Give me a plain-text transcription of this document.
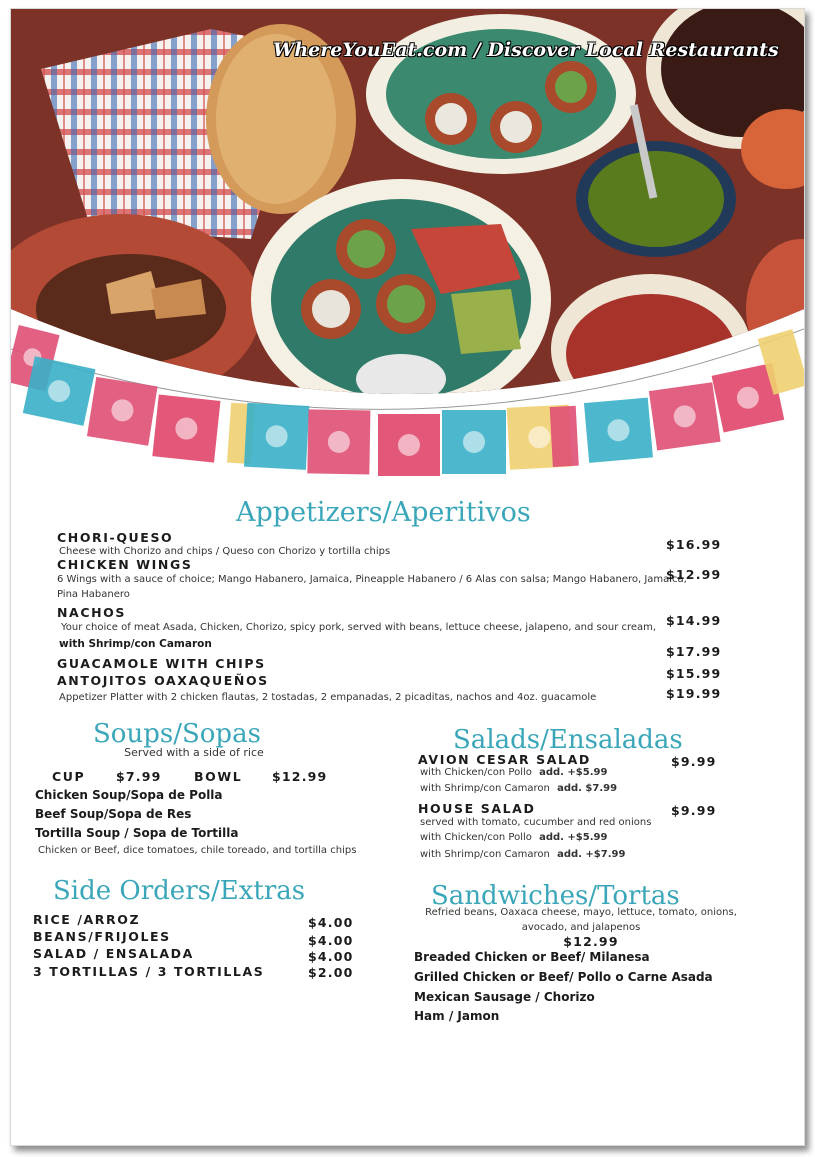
WhereYouEat.com / Discover Local Restaurants
Appetizers/Aperitivos
CHORI-QUESO
Cheese with Chorizo and chips / Queso con Chorizo y tortilla chips	$16.99
CHICKEN WINGS
6 Wings with a sauce of choice; Mango Habanero, Jamaica, Pineapple Habanero / 6 Alas con salsa; Mango Habanero, Jamaica,
Pina Habanero
$12.99
NACHOS
Your choice of meat Asada, Chicken, Chorizo, spicy pork, served with beans, lettuce cheese, jalapeno, and sour cream, $14.99
with Shrimp/con Camaron	$17.99
GUACAMOLE WITH CHIPS
$15.99
ANTOJITOS OAXAQUEÑOS
Appetizer Platter with 2 chicken flautas, 2 tostadas, 2 empanadas, 2 picaditas, nachos and 4oz. guacamole	$19.99
Soups/Sopas
Served with a side of rice
CUP $7.99	BOWL $12.99
Chicken Soup/Sopa de Polla
Beef Soup/Sopa de Res
Tortilla Soup / Sopa de Tortilla
Chicken or Beef, dice tomatoes, chile toreado, and tortilla chips
Salads/Ensaladas
AVION CESAR SALAD	$9.99
with Chicken/con Pollo add. +$5.99
with Shrimp/con Camaron add. $7.99
HOUSE SALAD	$9.99
served with tomato, cucumber and red onions
with Chicken/con Pollo add. +$5.99
with Shrimp/con Camaron add. +$7.99
Side Orders/Extras
RICE /ARROZ	$4.00
BEANS/FRIJOLES	$4.00
SALAD / ENSALADA	$4.00
3 TORTILLAS / 3 TORTILLAS	$2.00
Sandwiches/Tortas
Refried beans, Oaxaca cheese, mayo, lettuce, tomato, onions,
avocado, and jalapenos
$12.99
Breaded Chicken or Beef/ Milanesa
Grilled Chicken or Beef/ Pollo o Carne Asada
Mexican Sausage / Chorizo
Ham / Jamon
